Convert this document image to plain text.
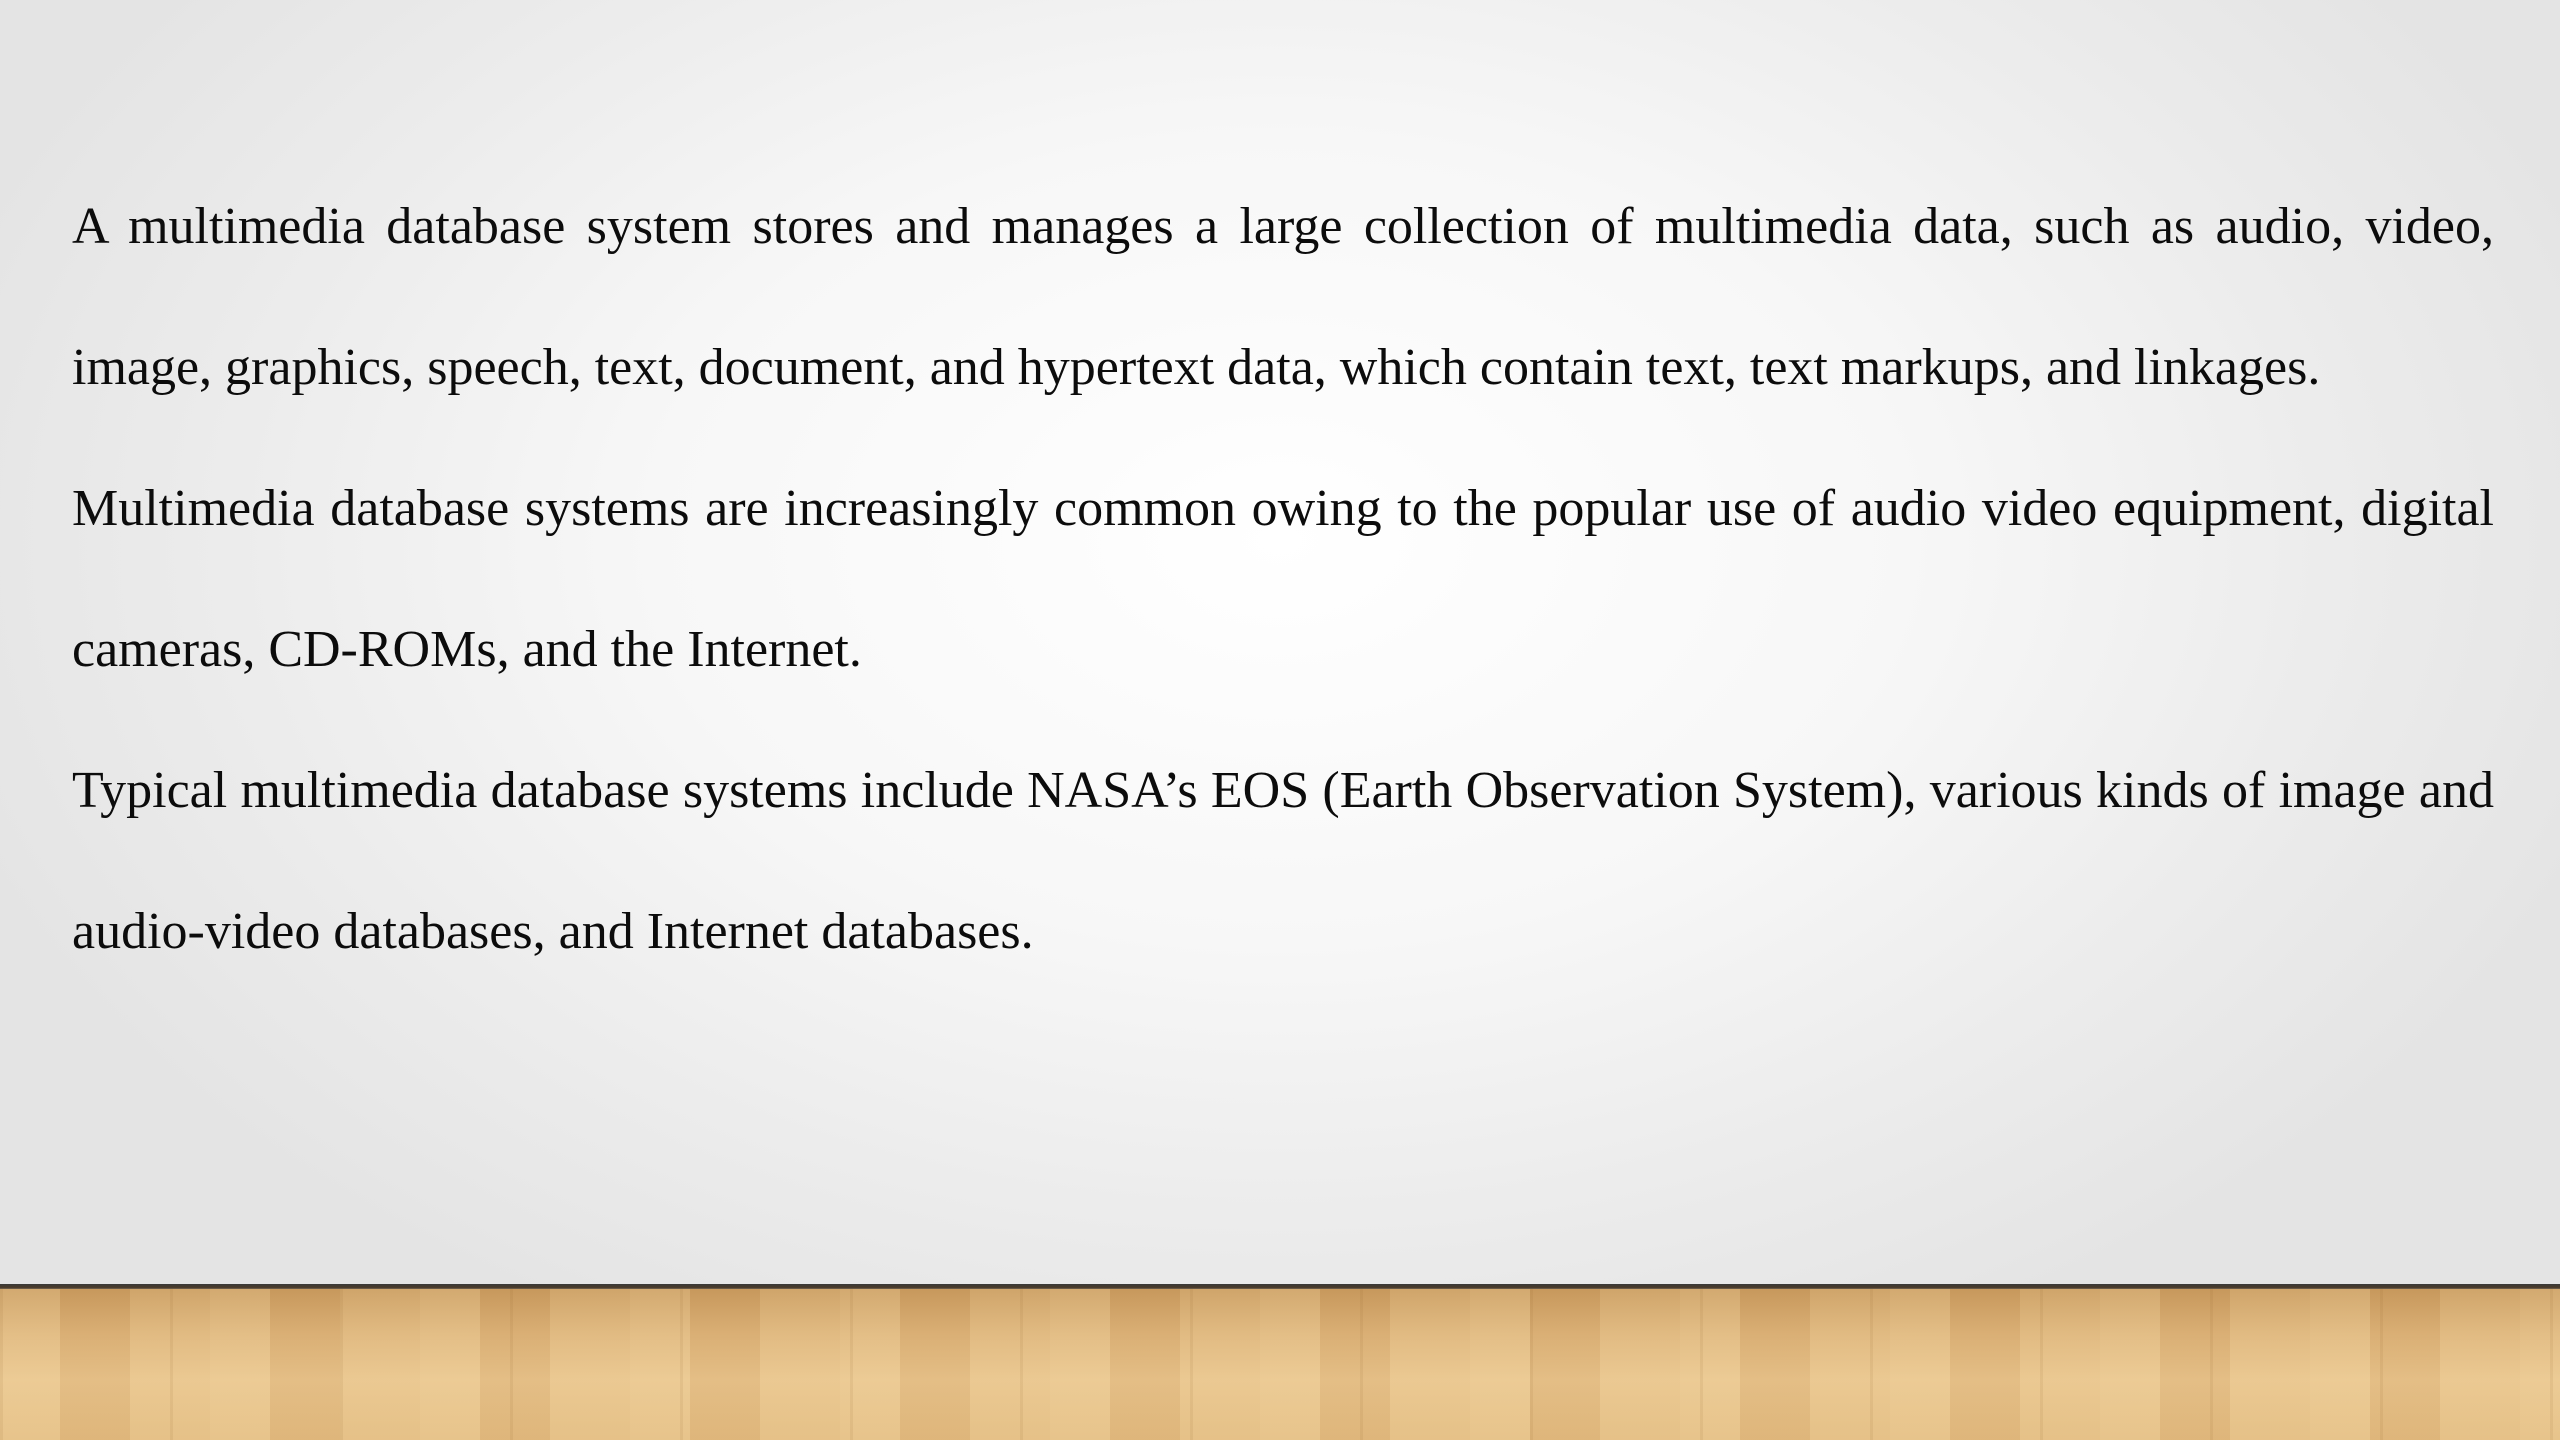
A multimedia database system stores and manages a large collection of multimedia data, such as audio, video, image, graphics, speech, text, document, and hypertext data, which contain text, text markups, and linkages.

Multimedia database systems are increasingly common owing to the popular use of audio video equipment, digital cameras, CD-ROMs, and the Internet.

Typical multimedia database systems include NASA’s EOS (Earth Observation System), various kinds of image and audio-video databases, and Internet databases.
